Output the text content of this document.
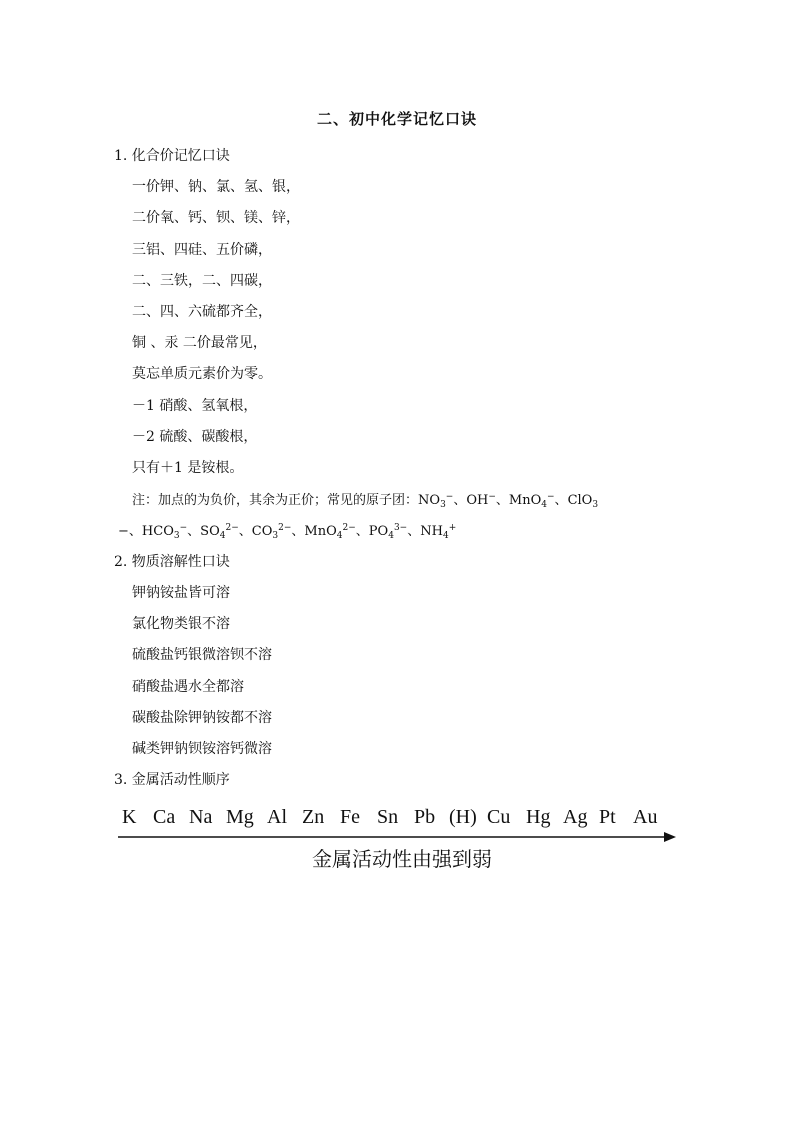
二、初中化学记忆口诀
1. 化合价记忆口诀
一价钾、钠、氯、氢、银，
二价氧、钙、钡、镁、锌，
三铝、四硅、五价磷，
二、三铁，二、四碳，
二、四、六硫都齐全，
铜 、汞 二价最常见，
莫忘单质元素价为零。
－1 硝酸、氢氧根，
－2 硫酸、碳酸根，
只有＋1 是铵根。
注：加点的为负价，其余为正价；常见的原子团：$NO_3^-$、OH−、MnO$_4$−、ClO$_3$
−、$HCO_3^-$、$SO_4^{2-}$、$CO_3^{2-}$、MnO$_4^{2-}$、$PO_4^{3-}$、$NH_4^+$
2. 物质溶解性口诀
钾钠铵盐皆可溶
氯化物类银不溶
硫酸盐钙银微溶钡不溶
硝酸盐遇水全都溶
碳酸盐除钾钠铵都不溶
碱类钾钠钡铵溶钙微溶
3. 金属活动性顺序
K Ca Na Mg Al Zn Fe Sn Pb (H) Cu Hg Ag Pt Au
金属活动性由强到弱
